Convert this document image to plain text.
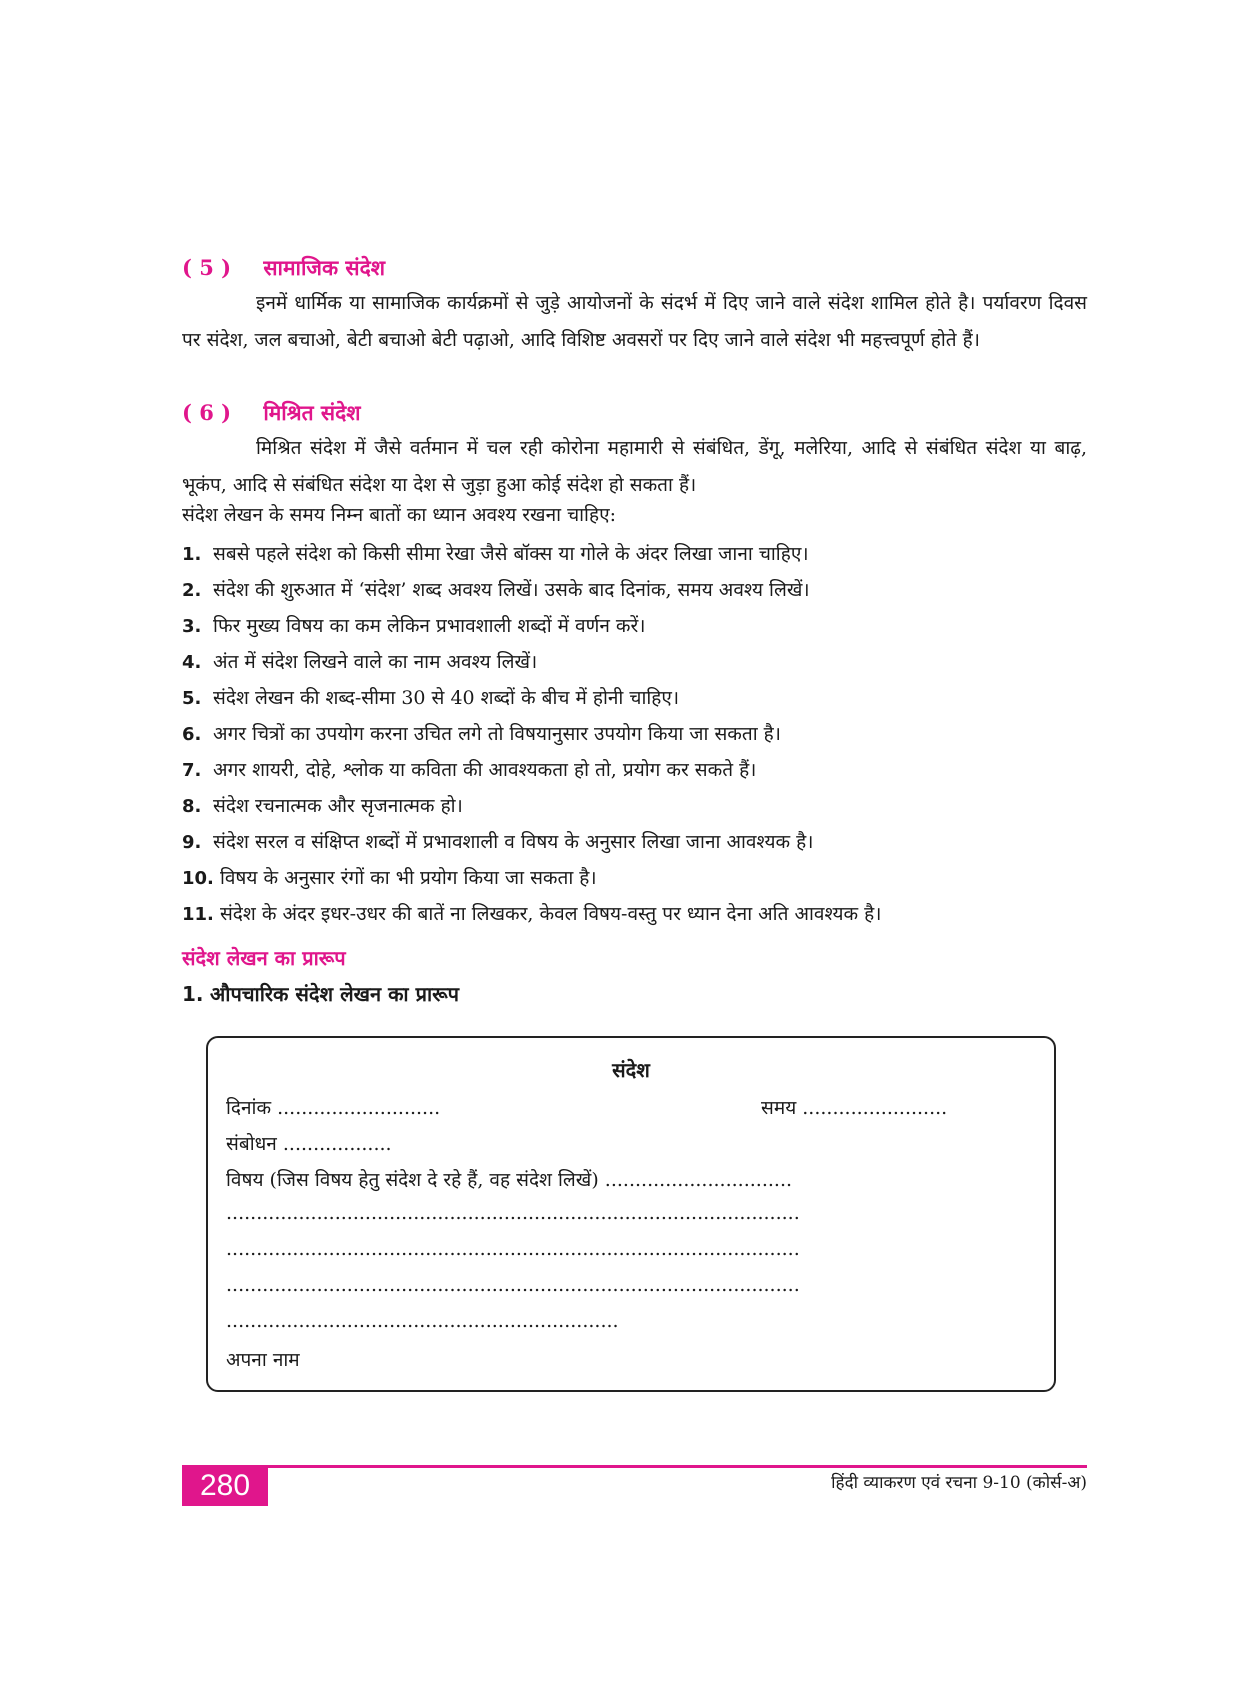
( 5 ) सामाजिक संदेश

इनमें धार्मिक या सामाजिक कार्यक्रमों से जुड़े आयोजनों के संदर्भ में दिए जाने वाले संदेश शामिल होते है। पर्यावरण दिवस पर संदेश, जल बचाओ, बेटी बचाओ बेटी पढ़ाओ, आदि विशिष्ट अवसरों पर दिए जाने वाले संदेश भी महत्त्वपूर्ण होते हैं।

( 6 ) मिश्रित संदेश

मिश्रित संदेश में जैसे वर्तमान में चल रही कोरोना महामारी से संबंधित, डेंगू, मलेरिया, आदि से संबंधित संदेश या बाढ़, भूकंप, आदि से संबंधित संदेश या देश से जुड़ा हुआ कोई संदेश हो सकता हैं।

संदेश लेखन के समय निम्न बातों का ध्यान अवश्य रखना चाहिए:
1. सबसे पहले संदेश को किसी सीमा रेखा जैसे बॉक्स या गोले के अंदर लिखा जाना चाहिए।
2. संदेश की शुरुआत में ‘संदेश’ शब्द अवश्य लिखें। उसके बाद दिनांक, समय अवश्य लिखें।
3. फिर मुख्य विषय का कम लेकिन प्रभावशाली शब्दों में वर्णन करें।
4. अंत में संदेश लिखने वाले का नाम अवश्य लिखें।
5. संदेश लेखन की शब्द-सीमा 30 से 40 शब्दों के बीच में होनी चाहिए।
6. अगर चित्रों का उपयोग करना उचित लगे तो विषयानुसार उपयोग किया जा सकता है।
7. अगर शायरी, दोहे, श्लोक या कविता की आवश्यकता हो तो, प्रयोग कर सकते हैं।
8. संदेश रचनात्मक और सृजनात्मक हो।
9. संदेश सरल व संक्षिप्त शब्दों में प्रभावशाली व विषय के अनुसार लिखा जाना आवश्यक है।
10. विषय के अनुसार रंगों का भी प्रयोग किया जा सकता है।
11. संदेश के अंदर इधर-उधर की बातें ना लिखकर, केवल विषय-वस्तु पर ध्यान देना अति आवश्यक है।
संदेश लेखन का प्रारूप
1. औपचारिक संदेश लेखन का प्रारूप
संदेश
दिनांक ...........................	समय ........................
संबोधन ..................
विषय (जिस विषय हेतु संदेश दे रहे हैं, वह संदेश लिखें) ...............................
...............................................................................................
...............................................................................................
...............................................................................................
.................................................................
अपना नाम
280	हिंदी व्याकरण एवं रचना 9-10 (कोर्स-अ)
